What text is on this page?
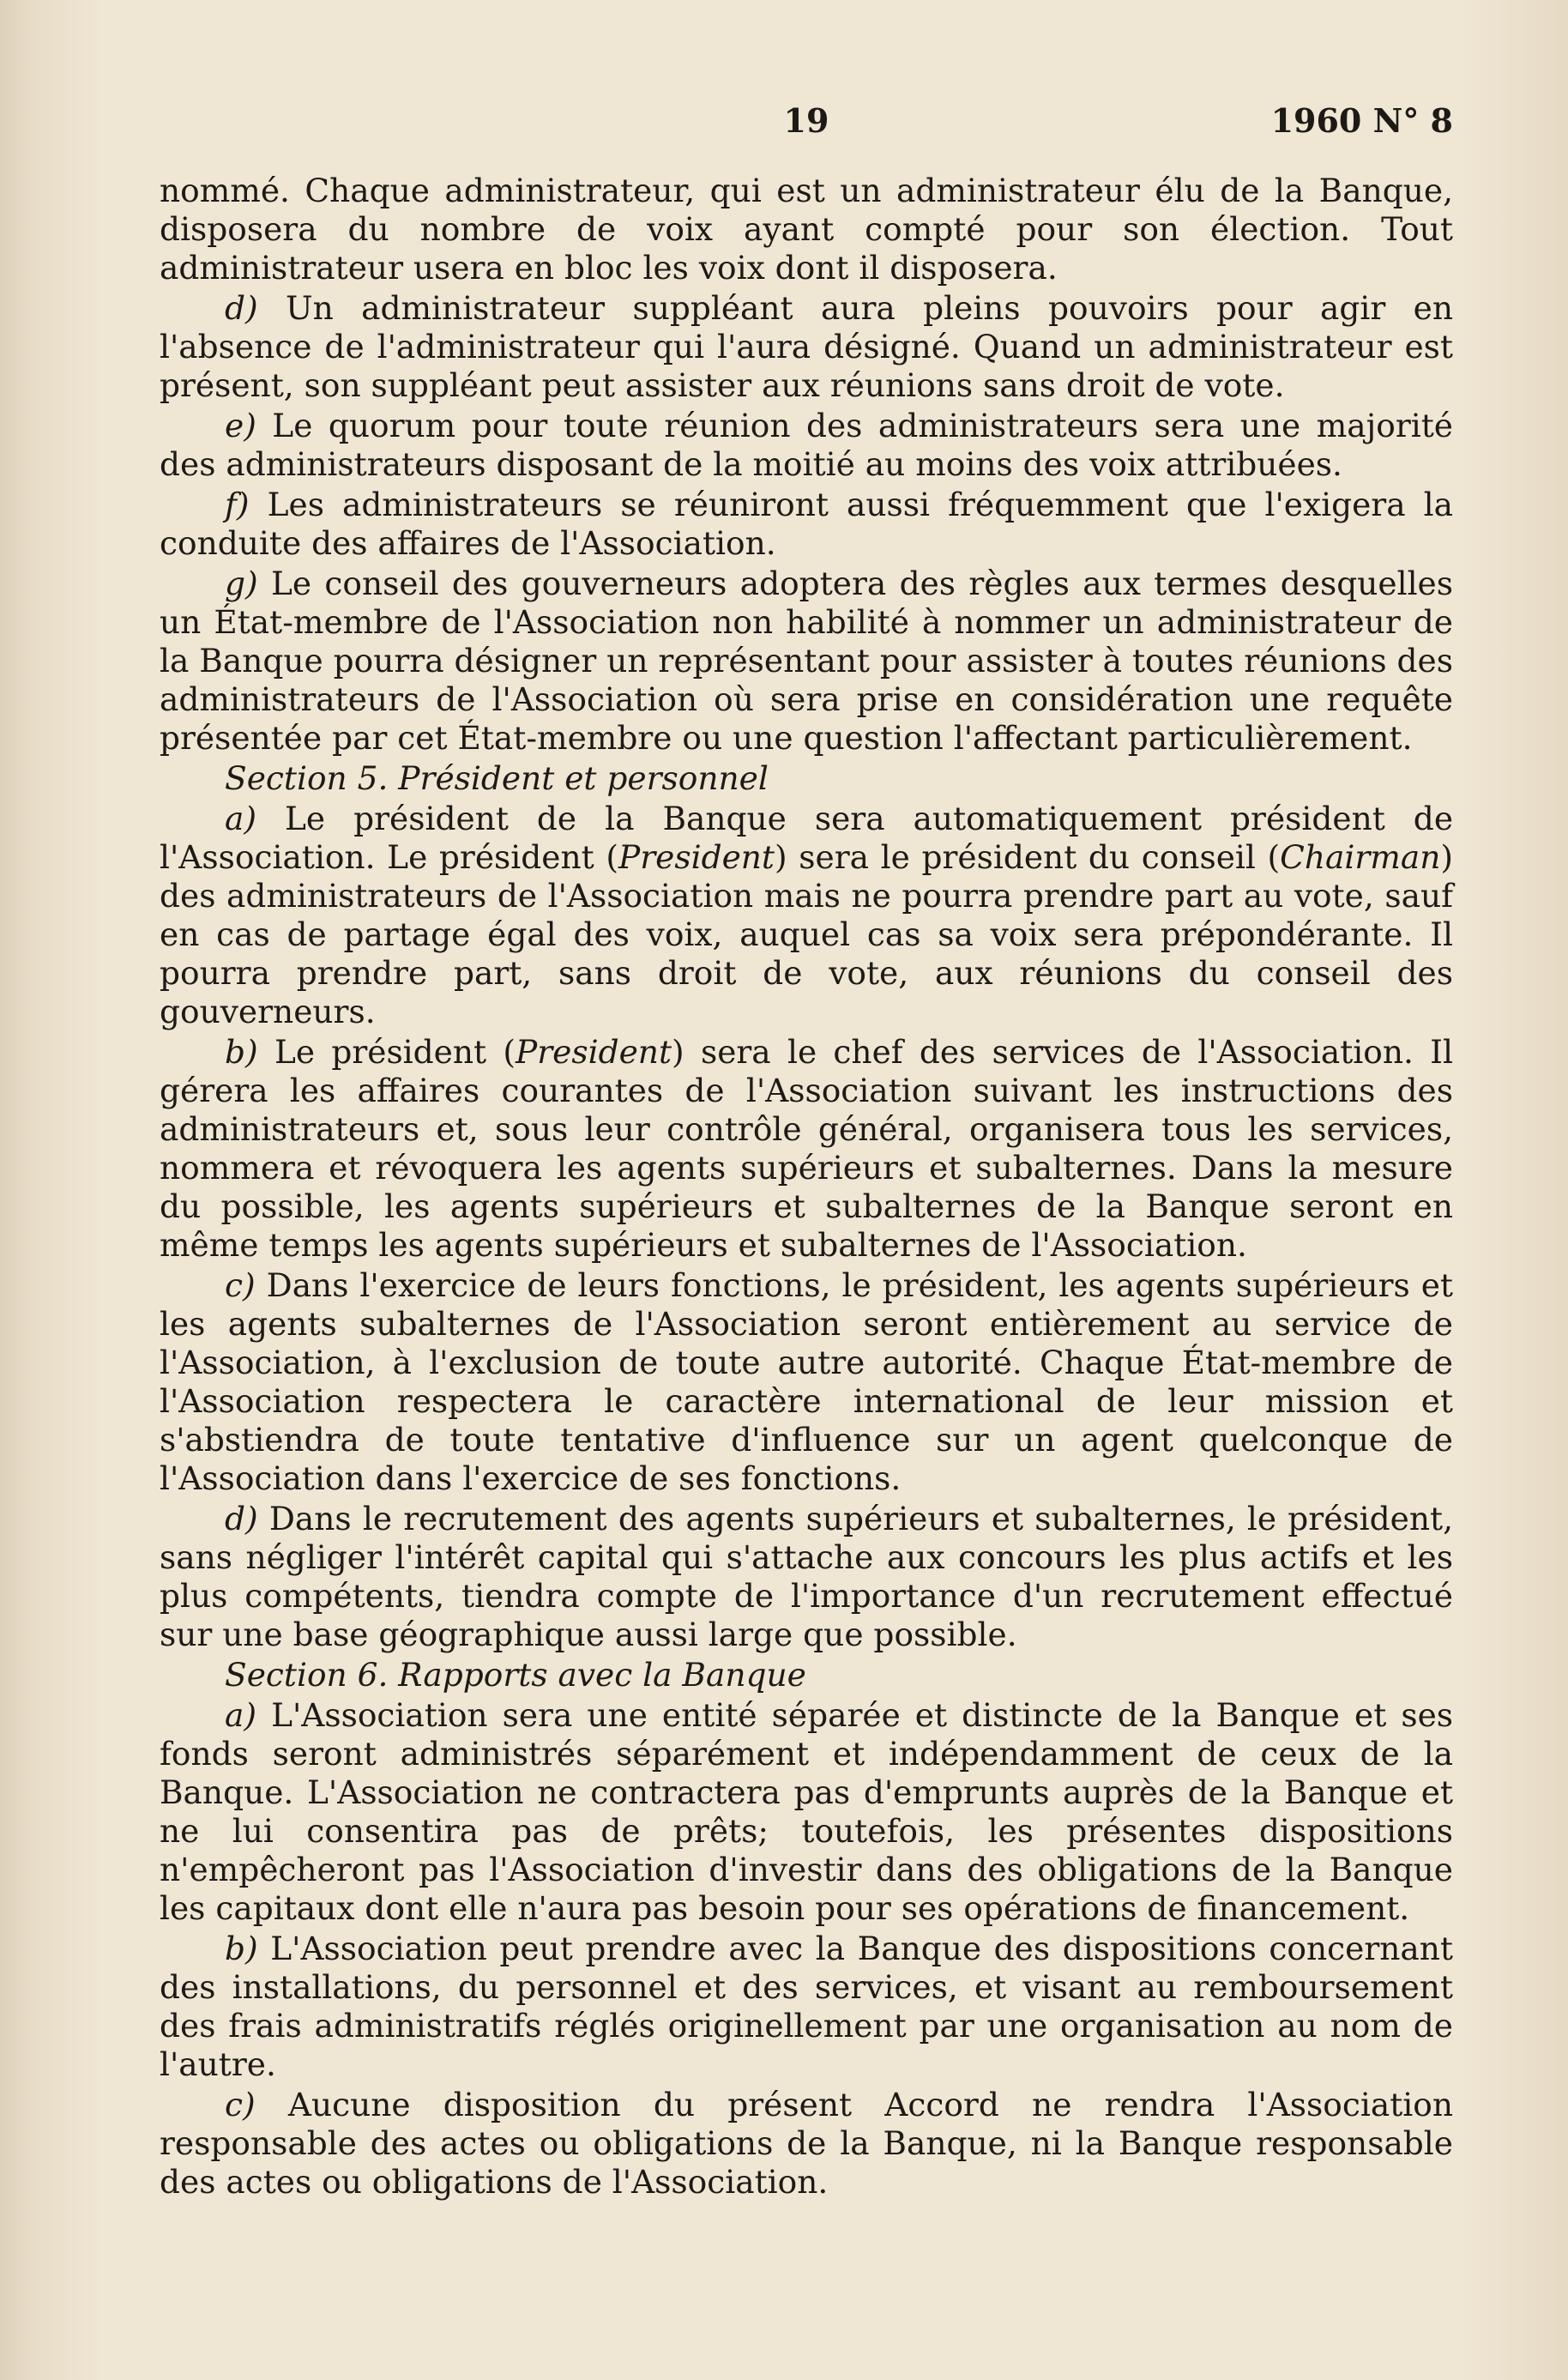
19	1960 N° 8

nommé. Chaque administrateur, qui est un administrateur élu de la Banque, disposera du nombre de voix ayant compté pour son élection. Tout administrateur usera en bloc les voix dont il disposera.

d) Un administrateur suppléant aura pleins pouvoirs pour agir en l'absence de l'administrateur qui l'aura désigné. Quand un administrateur est présent, son suppléant peut assister aux réunions sans droit de vote.

e) Le quorum pour toute réunion des administrateurs sera une majorité des administrateurs disposant de la moitié au moins des voix attribuées.

f) Les administrateurs se réuniront aussi fréquemment que l'exigera la conduite des affaires de l'Association.

g) Le conseil des gouverneurs adoptera des règles aux termes desquelles un État-membre de l'Association non habilité à nommer un administrateur de la Banque pourra désigner un représentant pour assister à toutes réunions des administrateurs de l'Association où sera prise en considération une requête présentée par cet État-membre ou une question l'affectant particulièrement.

Section 5. Président et personnel

a) Le président de la Banque sera automatiquement président de l'Association. Le président (President) sera le président du conseil (Chairman) des administrateurs de l'Association mais ne pourra prendre part au vote, sauf en cas de partage égal des voix, auquel cas sa voix sera prépondérante. Il pourra prendre part, sans droit de vote, aux réunions du conseil des gouverneurs.

b) Le président (President) sera le chef des services de l'Association. Il gérera les affaires courantes de l'Association suivant les instructions des administrateurs et, sous leur contrôle général, organisera tous les services, nommera et révoquera les agents supérieurs et subalternes. Dans la mesure du possible, les agents supérieurs et subalternes de la Banque seront en même temps les agents supérieurs et subalternes de l'Association.

c) Dans l'exercice de leurs fonctions, le président, les agents supérieurs et les agents subalternes de l'Association seront entièrement au service de l'Association, à l'exclusion de toute autre autorité. Chaque État-membre de l'Association respectera le caractère international de leur mission et s'abstiendra de toute tentative d'influence sur un agent quelconque de l'Association dans l'exercice de ses fonctions.

d) Dans le recrutement des agents supérieurs et subalternes, le président, sans négliger l'intérêt capital qui s'attache aux concours les plus actifs et les plus compétents, tiendra compte de l'importance d'un recrutement effectué sur une base géographique aussi large que possible.

Section 6. Rapports avec la Banque

a) L'Association sera une entité séparée et distincte de la Banque et ses fonds seront administrés séparément et indépendamment de ceux de la Banque. L'Association ne contractera pas d'emprunts auprès de la Banque et ne lui consentira pas de prêts; toutefois, les présentes dispositions n'empêcheront pas l'Association d'investir dans des obligations de la Banque les capitaux dont elle n'aura pas besoin pour ses opérations de financement.

b) L'Association peut prendre avec la Banque des dispositions concernant des installations, du personnel et des services, et visant au remboursement des frais administratifs réglés originellement par une organisation au nom de l'autre.

c) Aucune disposition du présent Accord ne rendra l'Association responsable des actes ou obligations de la Banque, ni la Banque responsable des actes ou obligations de l'Association.
